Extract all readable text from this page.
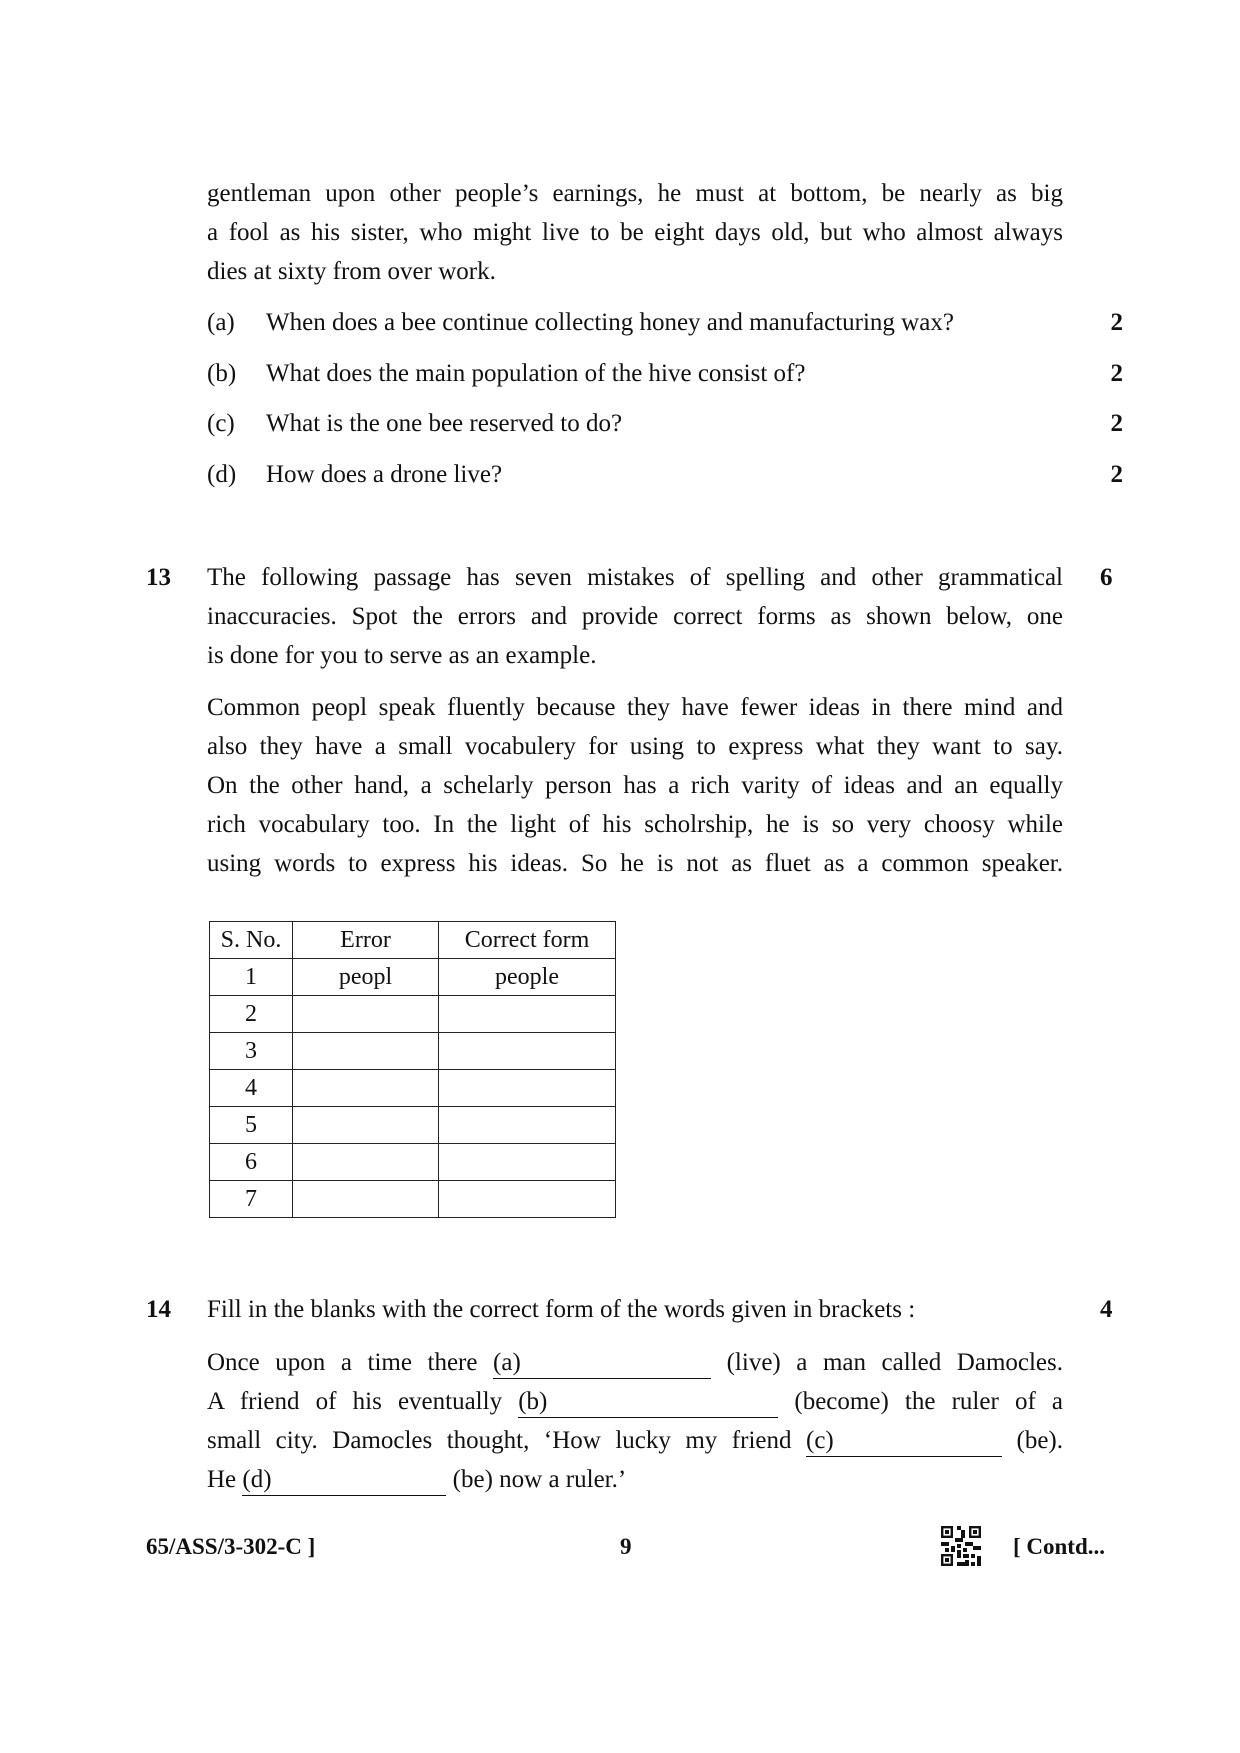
gentleman upon other people’s earnings, he must at bottom, be nearly as big
a fool as his sister, who might live to be eight days old, but who almost always
dies at sixty from over work.
(a) When does a bee continue collecting honey and manufacturing wax?	2
(b) What does the main population of the hive consist of?	2
(c) What is the one bee reserved to do?	2
(d) How does a drone live?	2
13	6
The following passage has seven mistakes of spelling and other grammatical
inaccuracies. Spot the errors and provide correct forms as shown below, one
is done for you to serve as an example.
Common peopl speak fluently because they have fewer ideas in there mind and
also they have a small vocabulery for using to express what they want to say.
On the other hand, a schelarly person has a rich varity of ideas and an equally
rich vocabulary too. In the light of his scholrship, he is so very choosy while
using words to express his ideas. So he is not as fluet as a common speaker.
S. No.	Error	Correct form
1	peopl	people
2		
3		
4		
5		
6		
7		
14	4
Fill in the blanks with the correct form of the words given in brackets :
Once upon a time there (a)	(live) a man called Damocles.
A friend of his eventually (b)	(become) the ruler of a
small city. Damocles thought, ‘How lucky my friend (c)	(be).
He (d)	(be) now a ruler.’
65/ASS/3-302-C ]	9	[ Contd...
